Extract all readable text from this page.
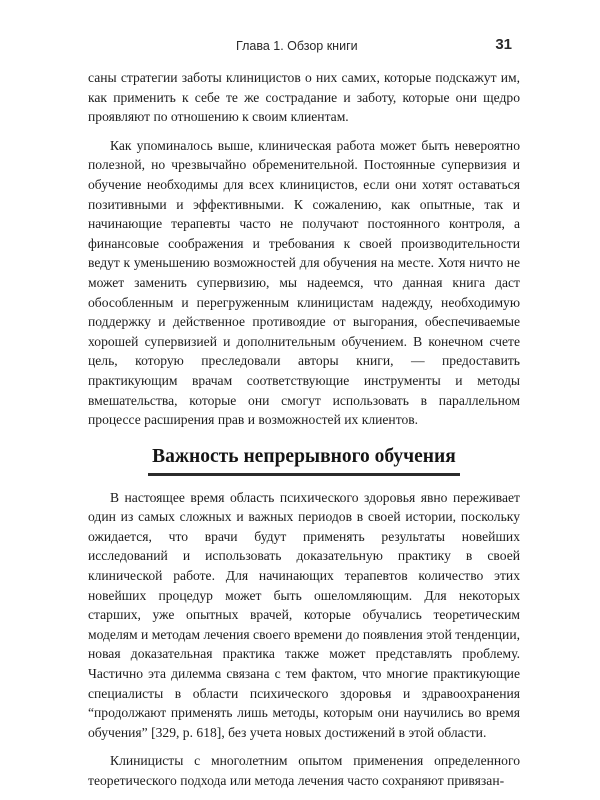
Глава 1. Обзор книги	31

саны стратегии заботы клиницистов о них самих, которые подскажут им, как применить к себе те же сострадание и заботу, которые они щедро проявляют по отношению к своим клиентам.

Как упоминалось выше, клиническая работа может быть невероятно полезной, но чрезвычайно обременительной. Постоянные супервизия и обучение необходимы для всех клиницистов, если они хотят оставаться позитивными и эффективными. К сожалению, как опытные, так и начинающие терапевты часто не получают постоянного контроля, а финансовые соображения и требования к своей производительности ведут к уменьшению возможностей для обучения на месте. Хотя ничто не может заменить супервизию, мы надеемся, что данная книга даст обособленным и перегруженным клиницистам надежду, необходимую поддержку и действенное противоядие от выгорания, обеспечиваемые хорошей супервизией и дополнительным обучением. В конечном счете цель, которую преследовали авторы книги, — предоставить практикующим врачам соответствующие инструменты и методы вмешательства, которые они смогут использовать в параллельном процессе расширения прав и возможностей их клиентов.

Важность непрерывного обучения

В настоящее время область психического здоровья явно переживает один из самых сложных и важных периодов в своей истории, поскольку ожидается, что врачи будут применять результаты новейших исследований и использовать доказательную практику в своей клинической работе. Для начинающих терапевтов количество этих новейших процедур может быть ошеломляющим. Для некоторых старших, уже опытных врачей, которые обучались теоретическим моделям и методам лечения своего времени до появления этой тенденции, новая доказательная практика также может представлять проблему. Частично эта дилемма связана с тем фактом, что многие практикующие специалисты в области психического здоровья и здравоохранения “продолжают применять лишь методы, которым они научились во время обучения” [329, p. 618], без учета новых достижений в этой области.

Клиницисты с многолетним опытом применения определенного теоретического подхода или метода лечения часто сохраняют привязан-
